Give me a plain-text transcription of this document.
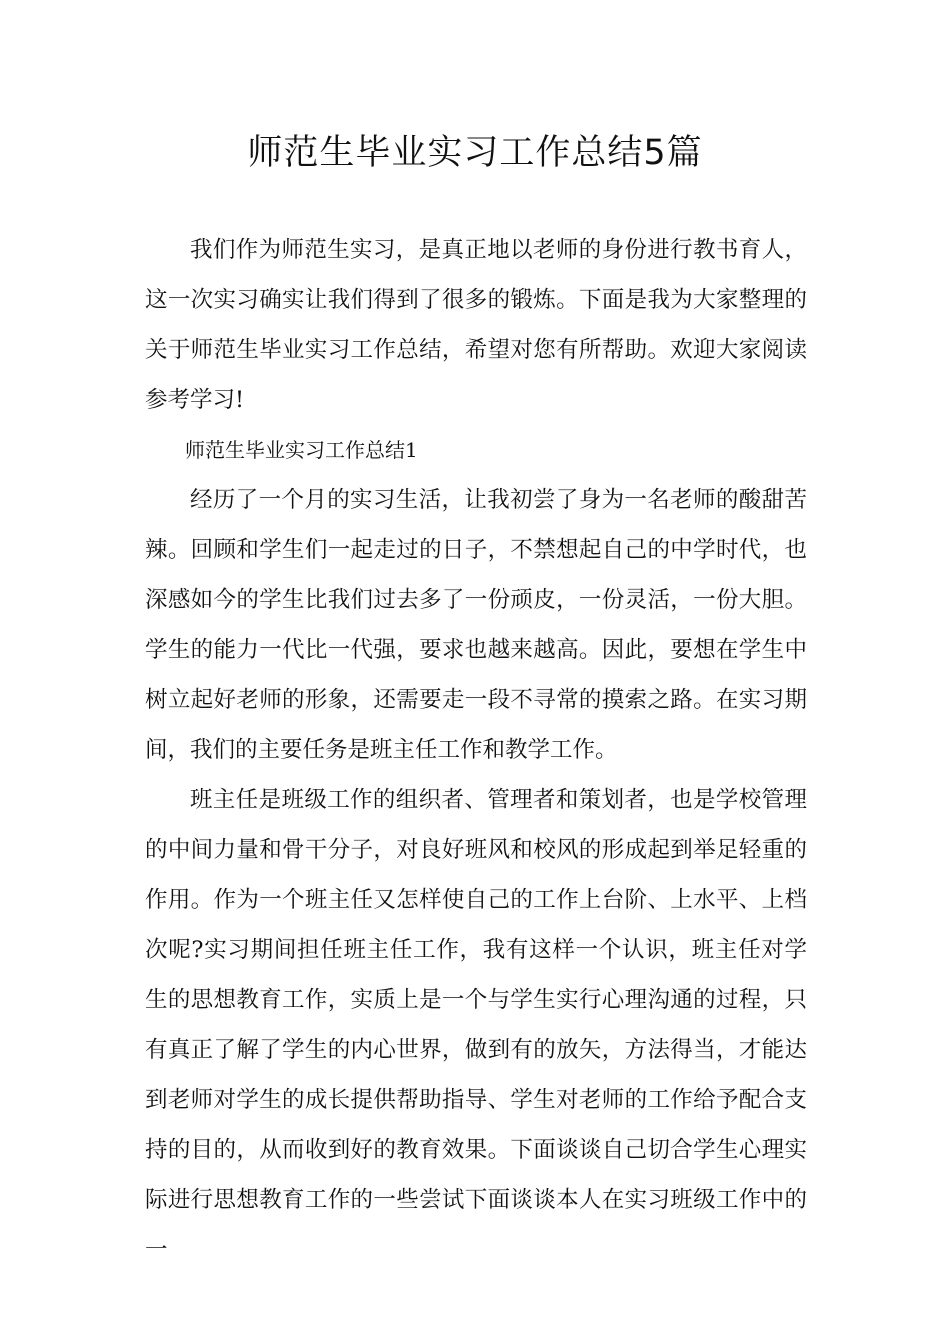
师范生毕业实习工作总结5篇

我们作为师范生实习，是真正地以老师的身份进行教书育人，这一次实习确实让我们得到了很多的锻炼。下面是我为大家整理的关于师范生毕业实习工作总结，希望对您有所帮助。欢迎大家阅读参考学习!

师范生毕业实习工作总结1

经历了一个月的实习生活，让我初尝了身为一名老师的酸甜苦辣。回顾和学生们一起走过的日子，不禁想起自己的中学时代，也深感如今的学生比我们过去多了一份顽皮，一份灵活，一份大胆。学生的能力一代比一代强，要求也越来越高。因此，要想在学生中树立起好老师的形象，还需要走一段不寻常的摸索之路。在实习期间，我们的主要任务是班主任工作和教学工作。

班主任是班级工作的组织者、管理者和策划者，也是学校管理的中间力量和骨干分子，对良好班风和校风的形成起到举足轻重的作用。作为一个班主任又怎样使自己的工作上台阶、上水平、上档次呢?实习期间担任班主任工作，我有这样一个认识，班主任对学生的思想教育工作，实质上是一个与学生实行心理沟通的过程，只有真正了解了学生的内心世界，做到有的放矢，方法得当，才能达到老师对学生的成长提供帮助指导、学生对老师的工作给予配合支持的目的，从而收到好的教育效果。下面谈谈自己切合学生心理实际进行思想教育工作的一些尝试下面谈谈本人在实习班级工作中的一
